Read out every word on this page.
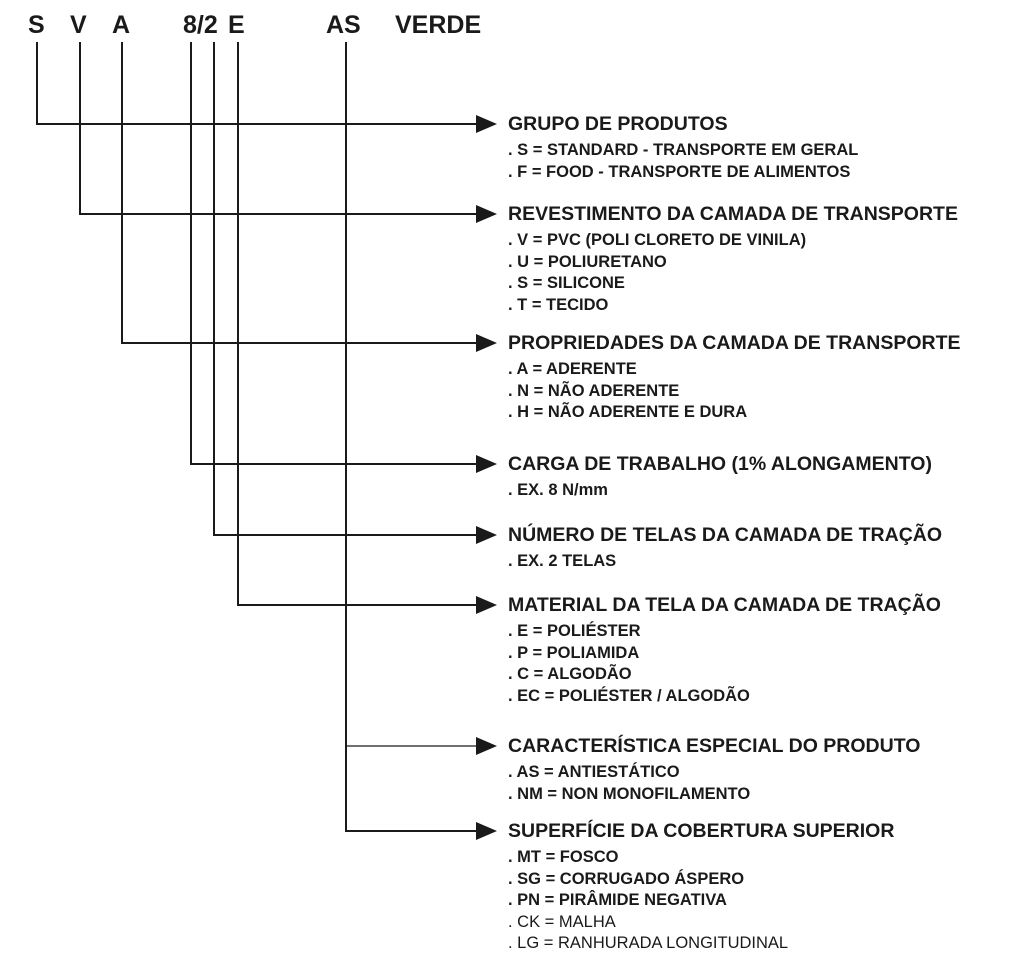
S V A 8/2 E	AS VERDE
GRUPO DE PRODUTOS
. S = STANDARD - TRANSPORTE EM GERAL
. F = FOOD - TRANSPORTE DE ALIMENTOS
REVESTIMENTO DA CAMADA DE TRANSPORTE
. V = PVC (POLI CLORETO DE VINILA)
. U = POLIURETANO
. S = SILICONE
. T = TECIDO
PROPRIEDADES DA CAMADA DE TRANSPORTE
. A = ADERENTE
. N = NÃO ADERENTE
. H = NÃO ADERENTE E DURA
CARGA DE TRABALHO (1% ALONGAMENTO)
. EX. 8 N/mm
NÚMERO DE TELAS DA CAMADA DE TRAÇÃO
. EX. 2 TELAS
MATERIAL DA TELA DA CAMADA DE TRAÇÃO
. E = POLIÉSTER
. P = POLIAMIDA
. C = ALGODÃO
. EC = POLIÉSTER / ALGODÃO
CARACTERÍSTICA ESPECIAL DO PRODUTO
. AS = ANTIESTÁTICO
. NM = NON MONOFILAMENTO
SUPERFÍCIE DA COBERTURA SUPERIOR
. MT = FOSCO
. SG = CORRUGADO ÁSPERO
. PN = PIRÂMIDE NEGATIVA
. CK = MALHA
. LG = RANHURADA LONGITUDINAL
